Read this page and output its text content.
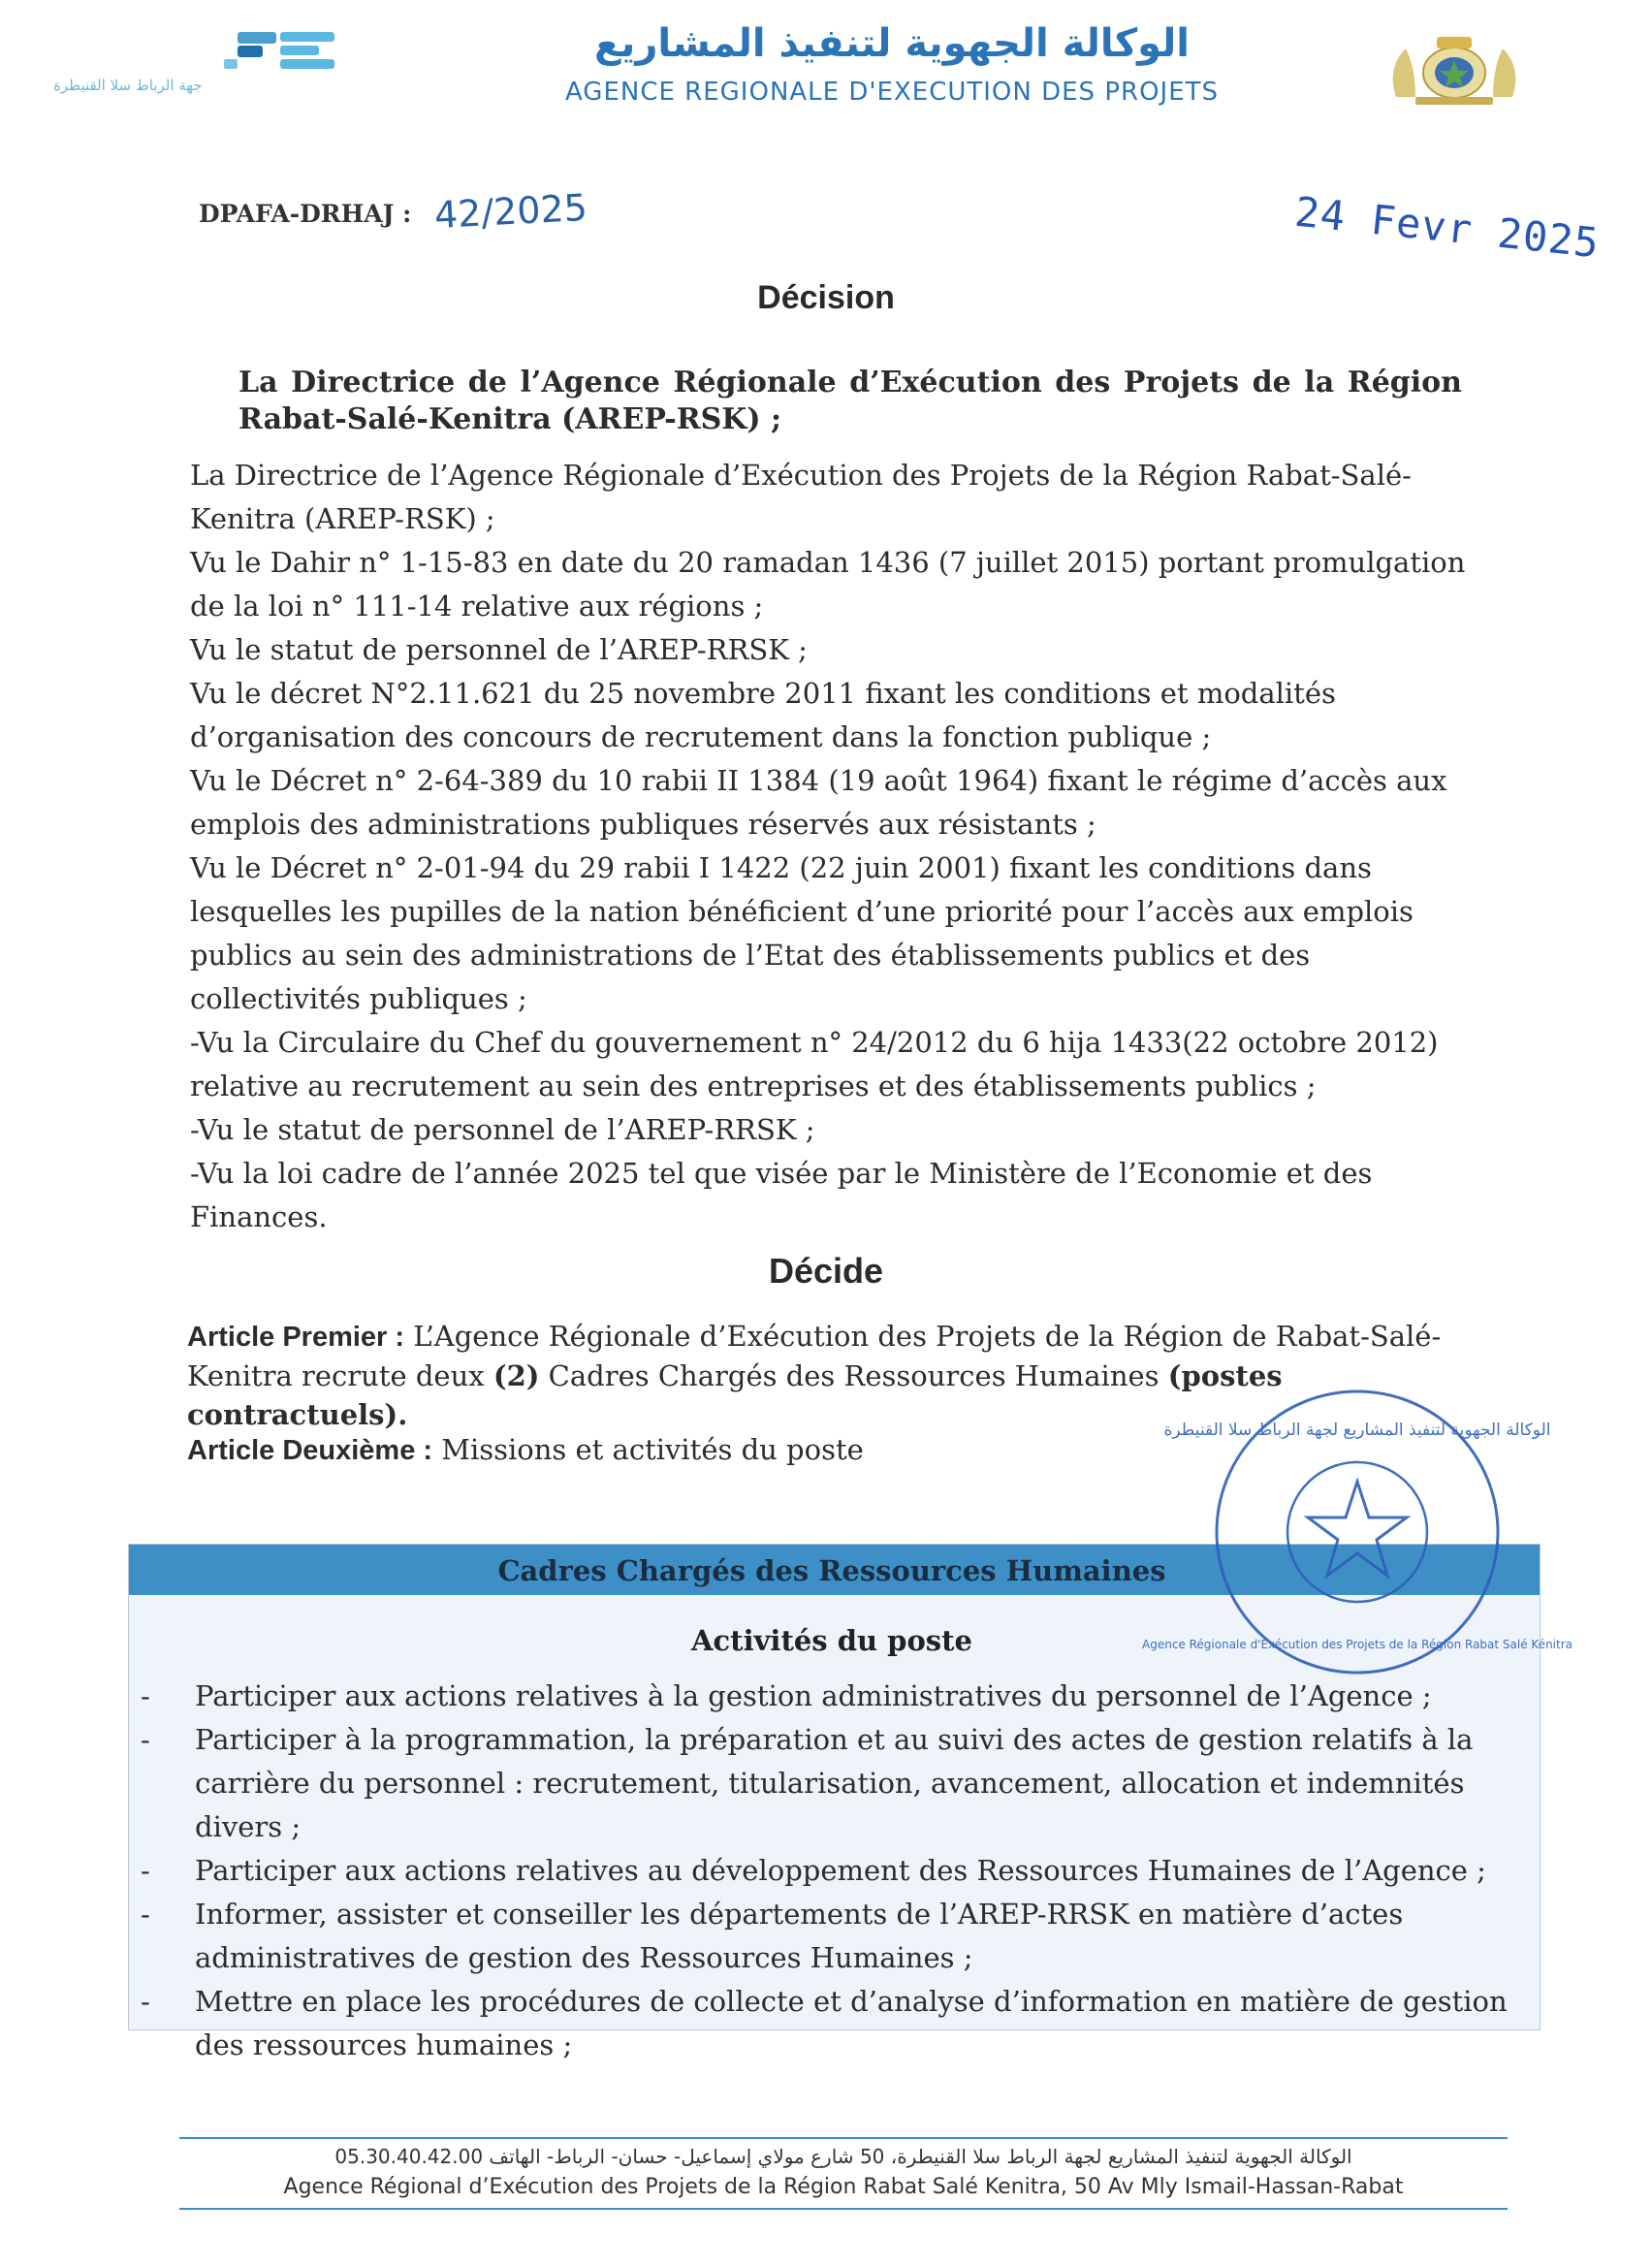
جهة الرباط سلا القنيطرة
الوكالة الجهوية لتنفيذ المشاريع
AGENCE REGIONALE D'EXECUTION DES PROJETS
DPAFA-DRHAJ : 42/2025	24 Fevr 2025
Décision
La Directrice de l’Agence Régionale d’Exécution des Projets de la Région Rabat-Salé-Kenitra (AREP-RSK) ;

La Directrice de l’Agence Régionale d’Exécution des Projets de la Région Rabat-Salé-Kenitra (AREP-RSK) ;

Vu le Dahir n° 1-15-83 en date du 20 ramadan 1436 (7 juillet 2015) portant promulgation de la loi n° 111-14 relative aux régions ;

Vu le statut de personnel de l’AREP-RRSK ;

Vu le décret N°2.11.621 du 25 novembre 2011 fixant les conditions et modalités d’organisation des concours de recrutement dans la fonction publique ;

Vu le Décret n° 2-64-389 du 10 rabii II 1384 (19 août 1964) fixant le régime d’accès aux emplois des administrations publiques réservés aux résistants ;

Vu le Décret n° 2-01-94 du 29 rabii I 1422 (22 juin 2001) fixant les conditions dans lesquelles les pupilles de la nation bénéficient d’une priorité pour l’accès aux emplois publics au sein des administrations de l’Etat des établissements publics et des collectivités publiques ;

-Vu la Circulaire du Chef du gouvernement n° 24/2012 du 6 hija 1433(22 octobre 2012) relative au recrutement au sein des entreprises et des établissements publics ;

-Vu le statut de personnel de l’AREP-RRSK ;

-Vu la loi cadre de l’année 2025 tel que visée par le Ministère de l’Economie et des Finances.

Décide
Article Premier : L’Agence Régionale d’Exécution des Projets de la Région de Rabat-Salé-Kenitra recrute deux (2) Cadres Chargés des Ressources Humaines (postes contractuels).
Article Deuxième : Missions et activités du poste
Cadres Chargés des Ressources Humaines
Activités du poste
- Participer aux actions relatives à la gestion administratives du personnel de l’Agence ;
- Participer à la programmation, la préparation et au suivi des actes de gestion relatifs à la carrière du personnel : recrutement, titularisation, avancement, allocation et indemnités divers ;
- Participer aux actions relatives au développement des Ressources Humaines de l’Agence ;
- Informer, assister et conseiller les départements de l’AREP-RRSK en matière d’actes administratives de gestion des Ressources Humaines ;
- Mettre en place les procédures de collecte et d’analyse d’information en matière de gestion des ressources humaines ;
الوكالة الجهوية لتنفيذ المشاريع لجهة الرباط سلا القنيطرة
Agence Régionale d'Exécution des Projets de la Région Rabat Salé Kénitra
الوكالة الجهوية لتنفيذ المشاريع لجهة الرباط سلا القنيطرة، 50 شارع مولاي إسماعيل- حسان- الرباط- الهاتف 05.30.40.42.00
Agence Régional d’Exécution des Projets de la Région Rabat Salé Kenitra, 50 Av Mly Ismail-Hassan-Rabat
